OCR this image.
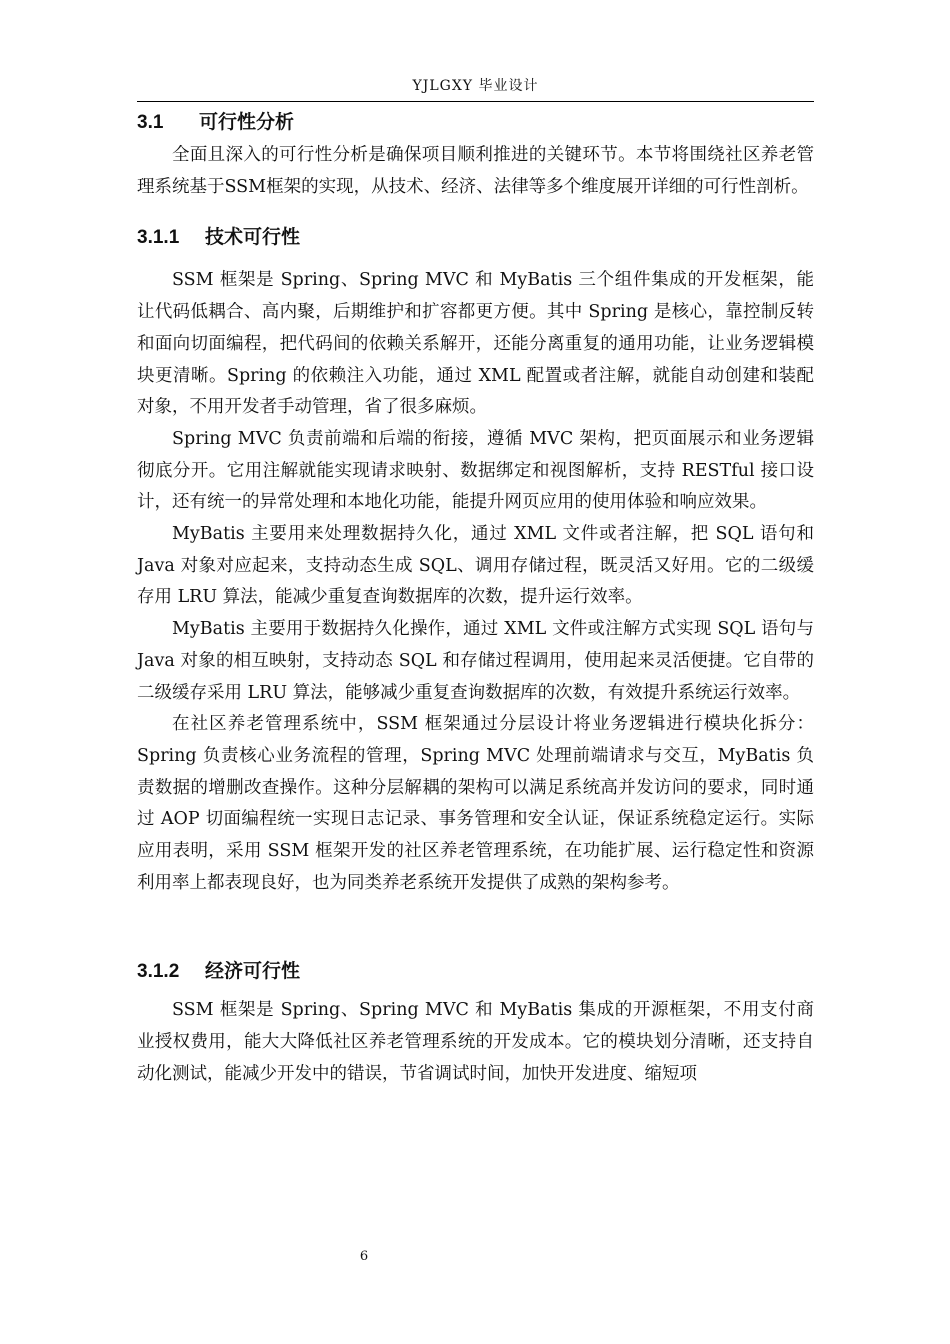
YJLGXY 毕业设计
3.1 可行性分析

全面且深入的可行性分析是确保项目顺利推进的关键环节。本节将围绕社区养老管理系统基于SSM框架的实现，从技术、经济、法律等多个维度展开详细的可行性剖析。

3.1.1 技术可行性

SSM 框架是 Spring、Spring MVC 和 MyBatis 三个组件集成的开发框架，能让代码低耦合、高内聚，后期维护和扩容都更方便。其中 Spring 是核心，靠控制反转和面向切面编程，把代码间的依赖关系解开，还能分离重复的通用功能，让业务逻辑模块更清晰。Spring 的依赖注入功能，通过 XML 配置或者注解，就能自动创建和装配对象，不用开发者手动管理，省了很多麻烦。

Spring MVC 负责前端和后端的衔接，遵循 MVC 架构，把页面展示和业务逻辑彻底分开。它用注解就能实现请求映射、数据绑定和视图解析，支持 RESTful 接口设计，还有统一的异常处理和本地化功能，能提升网页应用的使用体验和响应效果。

MyBatis 主要用来处理数据持久化，通过 XML 文件或者注解，把 SQL 语句和 Java 对象对应起来，支持动态生成 SQL、调用存储过程，既灵活又好用。它的二级缓存用 LRU 算法，能减少重复查询数据库的次数，提升运行效率。

MyBatis 主要用于数据持久化操作，通过 XML 文件或注解方式实现 SQL 语句与 Java 对象的相互映射，支持动态 SQL 和存储过程调用，使用起来灵活便捷。它自带的二级缓存采用 LRU 算法，能够减少重复查询数据库的次数，有效提升系统运行效率。

在社区养老管理系统中，SSM 框架通过分层设计将业务逻辑进行模块化拆分：Spring 负责核心业务流程的管理，Spring MVC 处理前端请求与交互，MyBatis 负责数据的增删改查操作。这种分层解耦的架构可以满足系统高并发访问的要求，同时通过 AOP 切面编程统一实现日志记录、事务管理和安全认证，保证系统稳定运行。实际应用表明，采用 SSM 框架开发的社区养老管理系统，在功能扩展、运行稳定性和资源利用率上都表现良好，也为同类养老系统开发提供了成熟的架构参考。

3.1.2 经济可行性

SSM 框架是 Spring、Spring MVC 和 MyBatis 集成的开源框架，不用支付商业授权费用，能大大降低社区养老管理系统的开发成本。它的模块划分清晰，还支持自动化测试，能减少开发中的错误，节省调试时间，加快开发进度、缩短项

6
